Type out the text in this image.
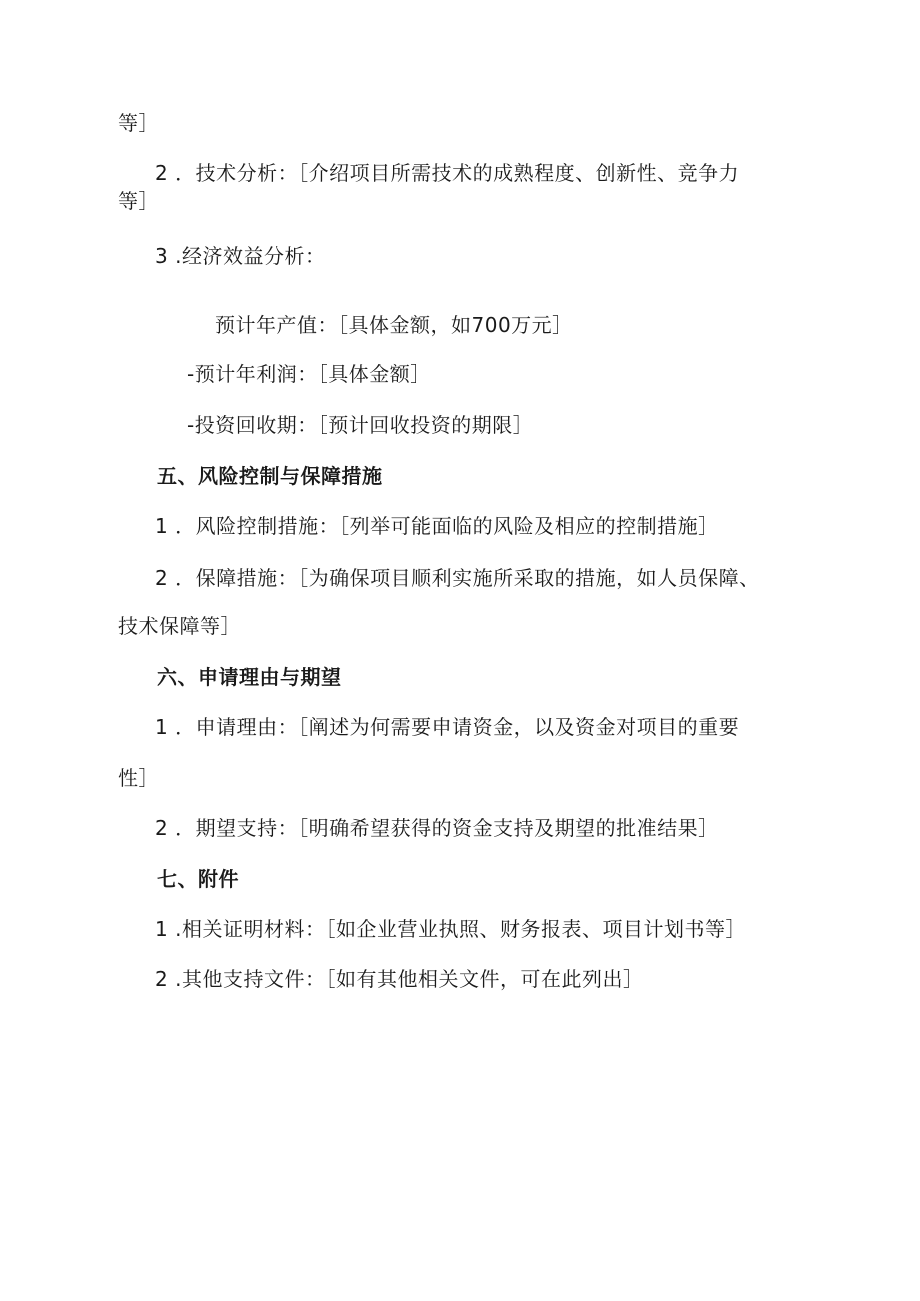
等］
2 ．技术分析：［介绍项目所需技术的成熟程度、创新性、竞争力
等］
3 .经济效益分析：
预计年产值：［具体金额，如700万元］
-预计年利润：［具体金额］
-投资回收期：［预计回收投资的期限］
五、风险控制与保障措施
1 ．风险控制措施：［列举可能面临的风险及相应的控制措施］
2 ．保障措施：［为确保项目顺利实施所采取的措施，如人员保障、
技术保障等］
六、申请理由与期望
1 ．申请理由：［阐述为何需要申请资金，以及资金对项目的重要
性］
2 ．期望支持：［明确希望获得的资金支持及期望的批准结果］
七、附件
1 .相关证明材料：［如企业营业执照、财务报表、项目计划书等］
2 .其他支持文件：［如有其他相关文件，可在此列出］
